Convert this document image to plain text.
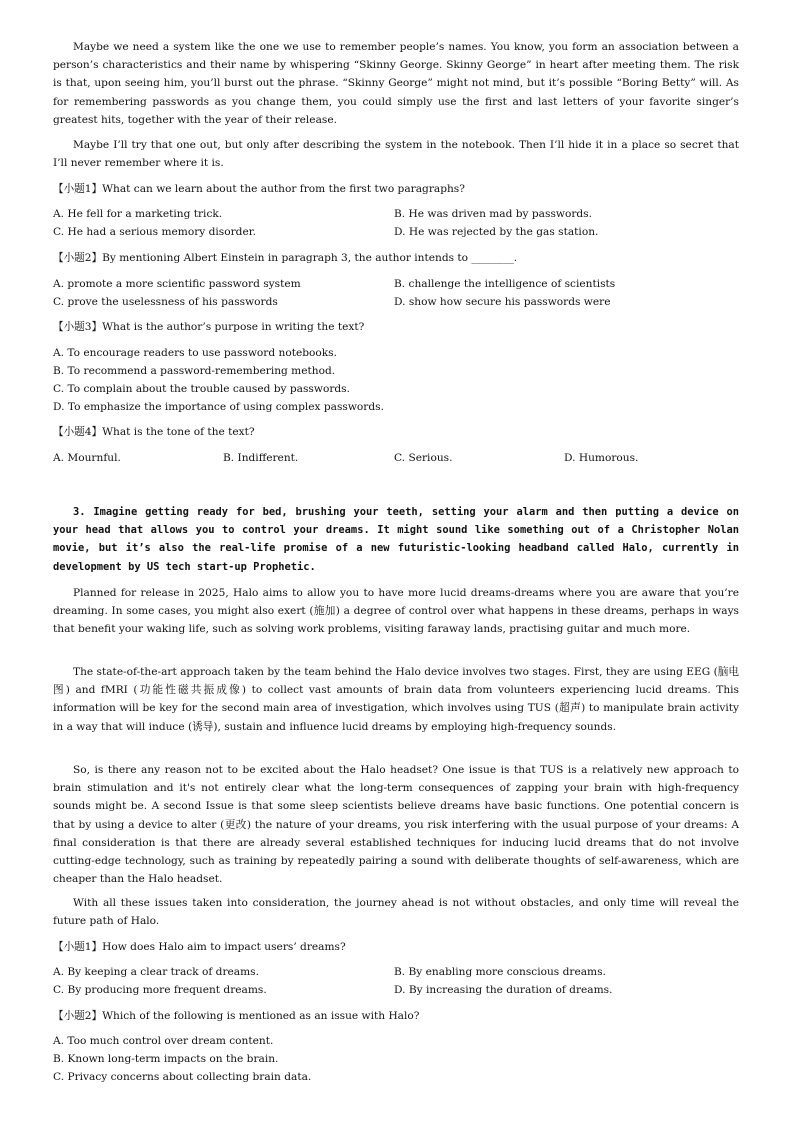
Maybe we need a system like the one we use to remember people’s names. You know, you form an association between a person’s characteristics and their name by whispering “Skinny George. Skinny George” in heart after meeting them. The risk is that, upon seeing him, you’ll burst out the phrase. “Skinny George” might not mind, but it’s possible “Boring Betty” will. As for remembering passwords as you change them, you could simply use the first and last letters of your favorite singer’s greatest hits, together with the year of their release.

Maybe I’ll try that one out, but only after describing the system in the notebook. Then I’ll hide it in a place so secret that I’ll never remember where it is.

【小题1】What can we learn about the author from the first two paragraphs?

A. He fell for a marketing trick.	B. He was driven mad by passwords.

C. He had a serious memory disorder.	D. He was rejected by the gas station.

【小题2】By mentioning Albert Einstein in paragraph 3, the author intends to ________.

A. promote a more scientific password system	B. challenge the intelligence of scientists

C. prove the uselessness of his passwords	D. show how secure his passwords were

【小题3】What is the author’s purpose in writing the text?

A. To encourage readers to use password notebooks.

B. To recommend a password-remembering method.

C. To complain about the trouble caused by passwords.

D. To emphasize the importance of using complex passwords.

【小题4】What is the tone of the text?

A. Mournful.	B. Indifferent.	C. Serious.	D. Humorous.

3. Imagine getting ready for bed, brushing your teeth, setting your alarm and then putting a device on your head that allows you to control your dreams. It might sound like something out of a Christopher Nolan movie, but it’s also the real-life promise of a new futuristic-looking headband called Halo, currently in development by US tech start-up Prophetic.

Planned for release in 2025, Halo aims to allow you to have more lucid dreams-dreams where you are aware that you’re dreaming. In some cases, you might also exert (施加) a degree of control over what happens in these dreams, perhaps in ways that benefit your waking life, such as solving work problems, visiting faraway lands, practising guitar and much more.

The state-of-the-art approach taken by the team behind the Halo device involves two stages. First, they are using EEG (脑电图) and fMRI (功能性磁共振成像) to collect vast amounts of brain data from volunteers experiencing lucid dreams. This information will be key for the second main area of investigation, which involves using TUS (超声) to manipulate brain activity in a way that will induce (诱导), sustain and influence lucid dreams by employing high-frequency sounds.

So, is there any reason not to be excited about the Halo headset? One issue is that TUS is a relatively new approach to brain stimulation and it's not entirely clear what the long-term consequences of zapping your brain with high-frequency sounds might be. A second Issue is that some sleep scientists believe dreams have basic functions. One potential concern is that by using a device to alter (更改) the nature of your dreams, you risk interfering with the usual purpose of your dreams: A final consideration is that there are already several established techniques for inducing lucid dreams that do not involve cutting-edge technology, such as training by repeatedly pairing a sound with deliberate thoughts of self-awareness, which are cheaper than the Halo headset.

With all these issues taken into consideration, the journey ahead is not without obstacles, and only time will reveal the future path of Halo.

【小题1】How does Halo aim to impact users’ dreams?

A. By keeping a clear track of dreams.	B. By enabling more conscious dreams.

C. By producing more frequent dreams.	D. By increasing the duration of dreams.

【小题2】Which of the following is mentioned as an issue with Halo?

A. Too much control over dream content.

B. Known long-term impacts on the brain.

C. Privacy concerns about collecting brain data.
